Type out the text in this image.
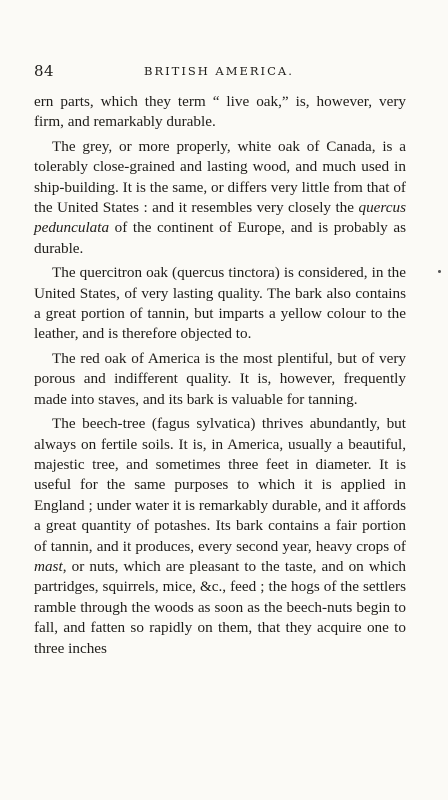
84	BRITISH AMERICA.

ern parts, which they term “ live oak,” is, however, very firm, and remarkably durable.

The grey, or more properly, white oak of Canada, is a tolerably close-grained and lasting wood, and much used in ship-building. It is the same, or differs very little from that of the United States : and it resembles very closely the quercus pedunculata of the continent of Europe, and is probably as durable.

The quercitron oak (quercus tinctora) is considered, in the United States, of very lasting quality. The bark also contains a great portion of tannin, but imparts a yellow colour to the leather, and is therefore objected to.

The red oak of America is the most plentiful, but of very porous and indifferent quality. It is, however, frequently made into staves, and its bark is valuable for tanning.

The beech-tree (fagus sylvatica) thrives abundantly, but always on fertile soils. It is, in America, usually a beautiful, majestic tree, and sometimes three feet in diameter. It is useful for the same purposes to which it is applied in England ; under water it is remarkably durable, and it affords a great quantity of potashes. Its bark contains a fair portion of tannin, and it produces, every second year, heavy crops of mast, or nuts, which are pleasant to the taste, and on which partridges, squirrels, mice, &c., feed ; the hogs of the settlers ramble through the woods as soon as the beech-nuts begin to fall, and fatten so rapidly on them, that they acquire one to three inches
